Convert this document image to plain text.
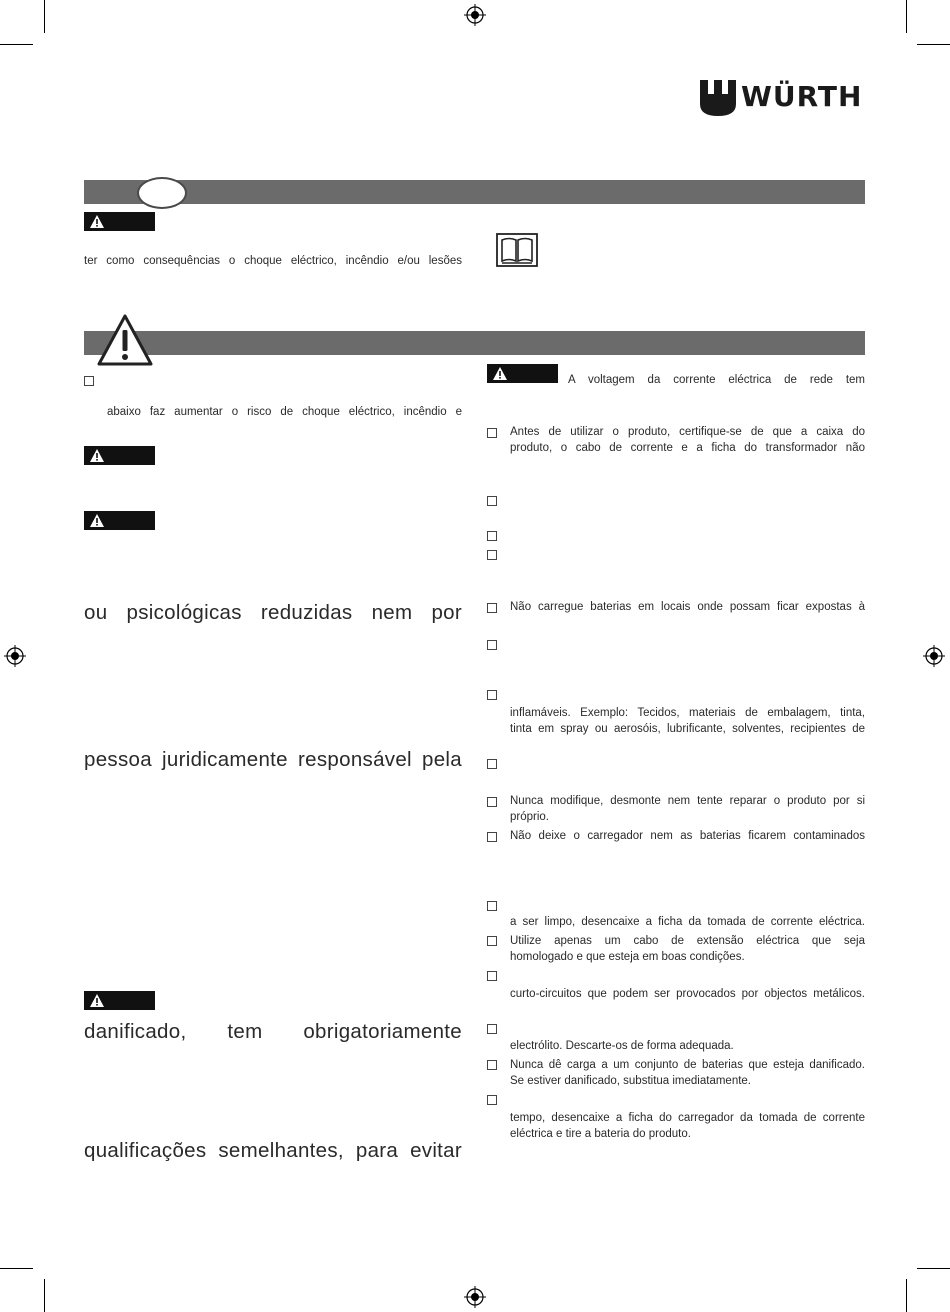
WÜRTH
ter como consequências o choque eléctrico, incêndio e/ou lesões
abaixo faz aumentar o risco de choque eléctrico, incêndio e
ou psicológicas reduzidas nem por
pessoa juridicamente responsável pela
danificado, tem obrigatoriamente
qualificações semelhantes, para evitar
A voltagem da corrente eléctrica de rede tem
Antes de utilizar o produto, certifique-se de que a caixa do
produto, o cabo de corrente e a ficha do transformador não
Não carregue baterias em locais onde possam ficar expostas à
inflamáveis. Exemplo: Tecidos, materiais de embalagem, tinta,
tinta em spray ou aerosóis, lubrificante, solventes, recipientes de
Nunca modifique, desmonte nem tente reparar o produto por si
próprio.
Não deixe o carregador nem as baterias ficarem contaminados
a ser limpo, desencaixe a ficha da tomada de corrente eléctrica.
Utilize apenas um cabo de extensão eléctrica que seja
homologado e que esteja em boas condições.
curto-circuitos que podem ser provocados por objectos metálicos.
electrólito. Descarte-os de forma adequada.
Nunca dê carga a um conjunto de baterias que esteja danificado.
Se estiver danificado, substitua imediatamente.
tempo, desencaixe a ficha do carregador da tomada de corrente
eléctrica e tire a bateria do produto.
